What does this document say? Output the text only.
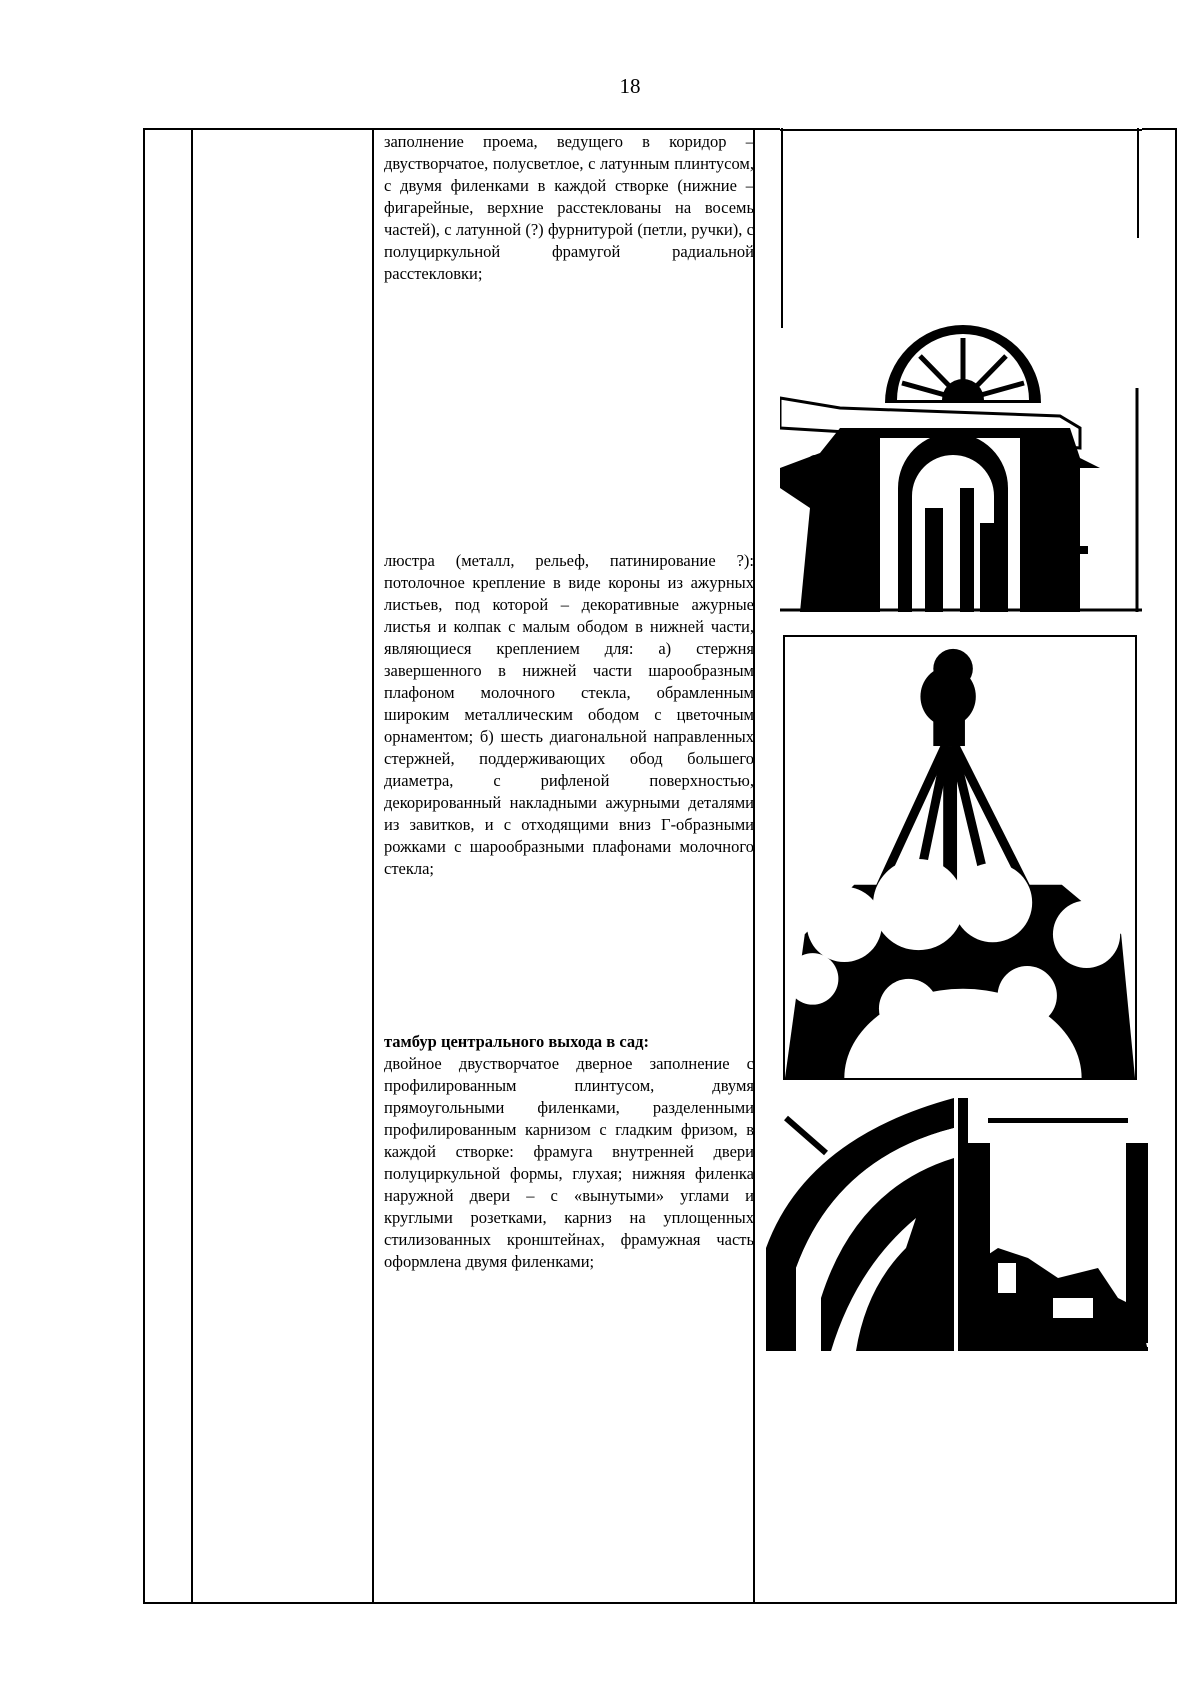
18

заполнение проема, ведущего в коридор – двустворчатое, полусветлое, с латунным плинтусом, с двумя филенками в каждой створке (нижние – фигарейные, верхние расстеклованы на восемь частей), с латунной (?) фурнитурой (петли, ручки), с полуциркульной фрамугой радиальной расстекловки;

люстра (металл, рельеф, патинирование ?): потолочное крепление в виде короны из ажурных листьев, под которой – декоративные ажурные листья и колпак с малым ободом в нижней части, являющиеся креплением для: а) стержня завершенного в нижней части шарообразным плафоном молочного стекла, обрамленным широким металлическим ободом с цветочным орнаментом; б) шесть диагональной направленных стержней, поддерживающих обод большего диаметра, с рифленой поверхностью, декорированный накладными ажурными деталями из завитков, и с отходящими вниз Г-образными рожками с шарообразными плафонами молочного стекла;

тамбур центрального выхода в сад:

двойное двустворчатое дверное заполнение с профилированным плинтусом, двумя прямоугольными филенками, разделенными профилированным карнизом с гладким фризом, в каждой створке: фрамуга внутренней двери полуциркульной формы, глухая; нижняя филенка наружной двери – с «вынутыми» углами и круглыми розетками, карниз на уплощенных стилизованных кронштейнах, фрамужная часть оформлена двумя филенками;
